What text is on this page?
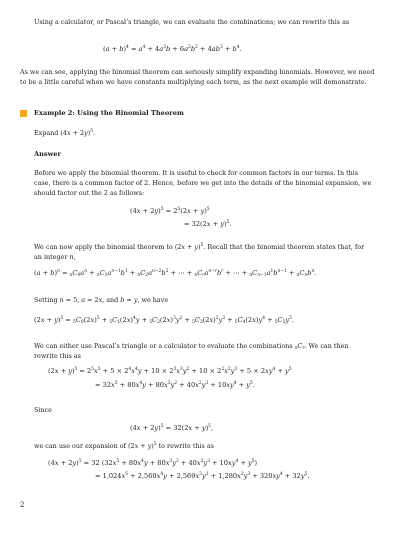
Using a calculator, or Pascal’s triangle, we can evaluate the combinations; we can rewrite this as

$(a + b)^4 = a^4 + 4a^3b + 6a^2b^2 + 4ab^3 + b^4$.

As we can see, applying the binomial theorem can seriously simplify expanding binomials. However, we need to be a little careful when we have constants multiplying each term, as the next example will demonstrate.

Example 2: Using the Binomial Theorem

Expand $(4x + 2y)^5$.

Answer

Before we apply the binomial theorem. It is useful to check for common factors in our terms. In this case, there is a common factor of 2. Hence, before we get into the details of the binomial expansion, we should factor out the 2 as follows:

$(4x + 2y)^5 = 2^5(2x + y)^5$
= $32(2x + y)^5$.

We can now apply the binomial theorem to $(2x + y)^5$. Recall that the binomial theorem states that, for an integer n,

$(a + b)^n = _nC_0a^n + _nC_1a^{n-1}b^1 + _nC_2a^{n-2}b^2$ + ⋯ + $_nC_ra^{n-r}b^r$ + ⋯ + $_nC_{n-1}a^1b^{n-1} + _nC_nb^n$.

Setting n = 5, a = 2x, and b = y, we have

$(2x + y)^5 = _5C_0(2x)^5 + _5C_1(2x)^4y + _5C_2(2x)^3y^2 + _5C_3(2x)^2y^3 + _5C_4(2x)y^4 + _5C_5y^5$.

We can either use Pascal’s triangle or a calculator to evaluate the combinations $_nC_r$. We can then rewrite this as

$(2x + y)^5 = 2^5x^5 + 5 \times 2^4x^4y + 10 \times 2^3x^3y^2 + 10 \times 2^2x^2y^3 + 5 \times 2xy^4 + y^5$
= $32x^5 + 80x^4y + 80x^3y^2 + 40x^2y^3 + 10xy^4 + y^5$.

Since

$(4x + 2y)^5 = 32(2x + y)^5$,

we can use our expansion of $(2x + y)^5$ to rewrite this as

$(4x + 2y)^5 = 32$ $(32x^5 + 80x^4y + 80x^3y^2 + 40x^2y^3 + 10xy^4 + y^5)$
= $1,024x^5 + 2,560x^4y + 2,569x^3y^2 + 1,280x^2y^3 + 320xy^4 + 32y^5$.
2
